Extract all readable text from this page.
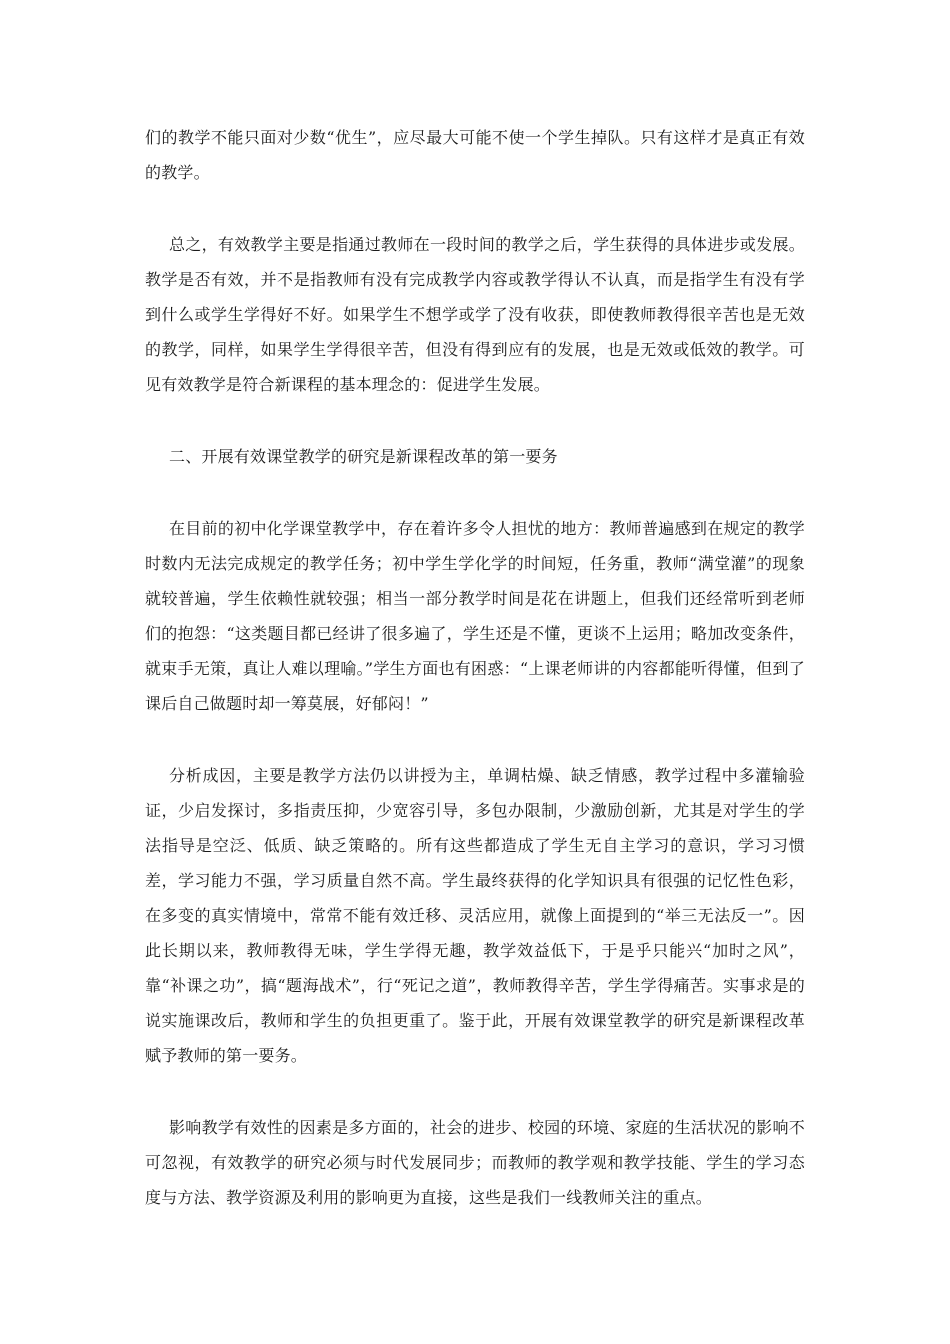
们的教学不能只面对少数“优生”，应尽最大可能不使一个学生掉队。只有这样才是真正有效的教学。

总之，有效教学主要是指通过教师在一段时间的教学之后，学生获得的具体进步或发展。教学是否有效，并不是指教师有没有完成教学内容或教学得认不认真，而是指学生有没有学到什么或学生学得好不好。如果学生不想学或学了没有收获，即使教师教得很辛苦也是无效的教学，同样，如果学生学得很辛苦，但没有得到应有的发展，也是无效或低效的教学。可见有效教学是符合新课程的基本理念的：促进学生发展。

二、开展有效课堂教学的研究是新课程改革的第一要务

在目前的初中化学课堂教学中，存在着许多令人担忧的地方：教师普遍感到在规定的教学时数内无法完成规定的教学任务；初中学生学化学的时间短，任务重，教师“满堂灌”的现象就较普遍，学生依赖性就较强；相当一部分教学时间是花在讲题上，但我们还经常听到老师们的抱怨：“这类题目都已经讲了很多遍了，学生还是不懂，更谈不上运用；略加改变条件，就束手无策，真让人难以理喻。”学生方面也有困惑：“上课老师讲的内容都能听得懂，但到了课后自己做题时却一筹莫展，好郁闷！”

分析成因，主要是教学方法仍以讲授为主，单调枯燥、缺乏情感，教学过程中多灌输验证，少启发探讨，多指责压抑，少宽容引导，多包办限制，少激励创新，尤其是对学生的学法指导是空泛、低质、缺乏策略的。所有这些都造成了学生无自主学习的意识，学习习惯差，学习能力不强，学习质量自然不高。学生最终获得的化学知识具有很强的记忆性色彩，在多变的真实情境中，常常不能有效迁移、灵活应用，就像上面提到的“举三无法反一”。因此长期以来，教师教得无味，学生学得无趣，教学效益低下，于是乎只能兴“加时之风”，靠“补课之功”，搞“题海战术”，行“死记之道”，教师教得辛苦，学生学得痛苦。实事求是的说实施课改后，教师和学生的负担更重了。鉴于此，开展有效课堂教学的研究是新课程改革赋予教师的第一要务。

影响教学有效性的因素是多方面的，社会的进步、校园的环境、家庭的生活状况的影响不可忽视，有效教学的研究必须与时代发展同步；而教师的教学观和教学技能、学生的学习态度与方法、教学资源及利用的影响更为直接，这些是我们一线教师关注的重点。
